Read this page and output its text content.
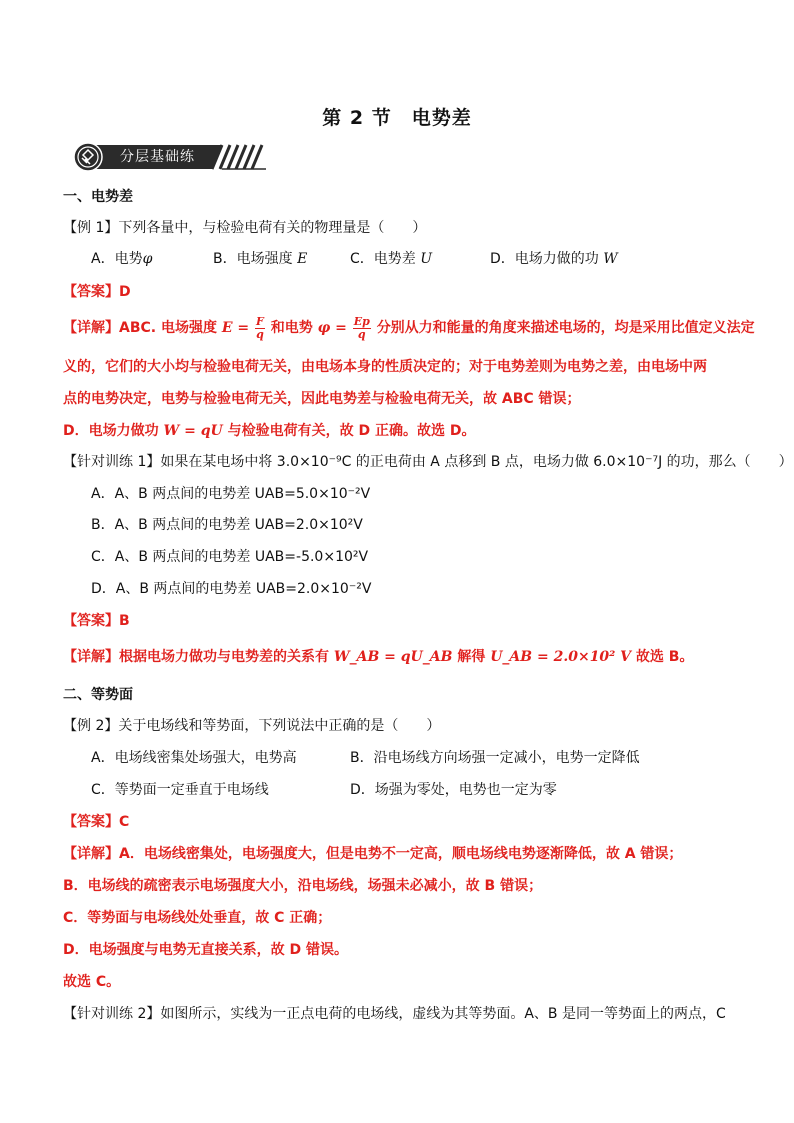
第 2 节　电势差
分层基础练
一、电势差
【例 1】下列各量中，与检验电荷有关的物理量是（　　）
A．电势φ	B．电场强度 E	C．电势差 U	D．电场力做的功 W
【答案】D
【详解】ABC. 电场强度 $E = \frac{F}{q}$ 和电势 $\varphi = \frac{Ep}{q}$ 分别从力和能量的角度来描述电场的，均是采用比值定义法定
义的，它们的大小均与检验电荷无关，由电场本身的性质决定的；对于电势差则为电势之差，由电场中两
点的电势决定，电势与检验电荷无关，因此电势差与检验电荷无关，故 ABC 错误；
D．电场力做功 W = qU 与检验电荷有关，故 D 正确。故选 D。
【针对训练 1】如果在某电场中将 3.0×10⁻⁹C 的正电荷由 A 点移到 B 点，电场力做 6.0×10⁻⁷J 的功，那么（　　）
A．A、B 两点间的电势差 UAB=5.0×10⁻²V
B．A、B 两点间的电势差 UAB=2.0×10²V
C．A、B 两点间的电势差 UAB=-5.0×10²V
D．A、B 两点间的电势差 UAB=2.0×10⁻²V
【答案】B
【详解】根据电场力做功与电势差的关系有 W_AB = qU_AB 解得 U_AB = 2.0×10² V 故选 B。
二、等势面
【例 2】关于电场线和等势面，下列说法中正确的是（　　）
A．电场线密集处场强大，电势高	B．沿电场线方向场强一定减小，电势一定降低
C．等势面一定垂直于电场线	D．场强为零处，电势也一定为零
【答案】C
【详解】A．电场线密集处，电场强度大，但是电势不一定高，顺电场线电势逐渐降低，故 A 错误；
B．电场线的疏密表示电场强度大小，沿电场线，场强未必减小，故 B 错误；
C．等势面与电场线处处垂直，故 C 正确；
D．电场强度与电势无直接关系，故 D 错误。
故选 C。
【针对训练 2】如图所示，实线为一正点电荷的电场线，虚线为其等势面。A、B 是同一等势面上的两点，C
